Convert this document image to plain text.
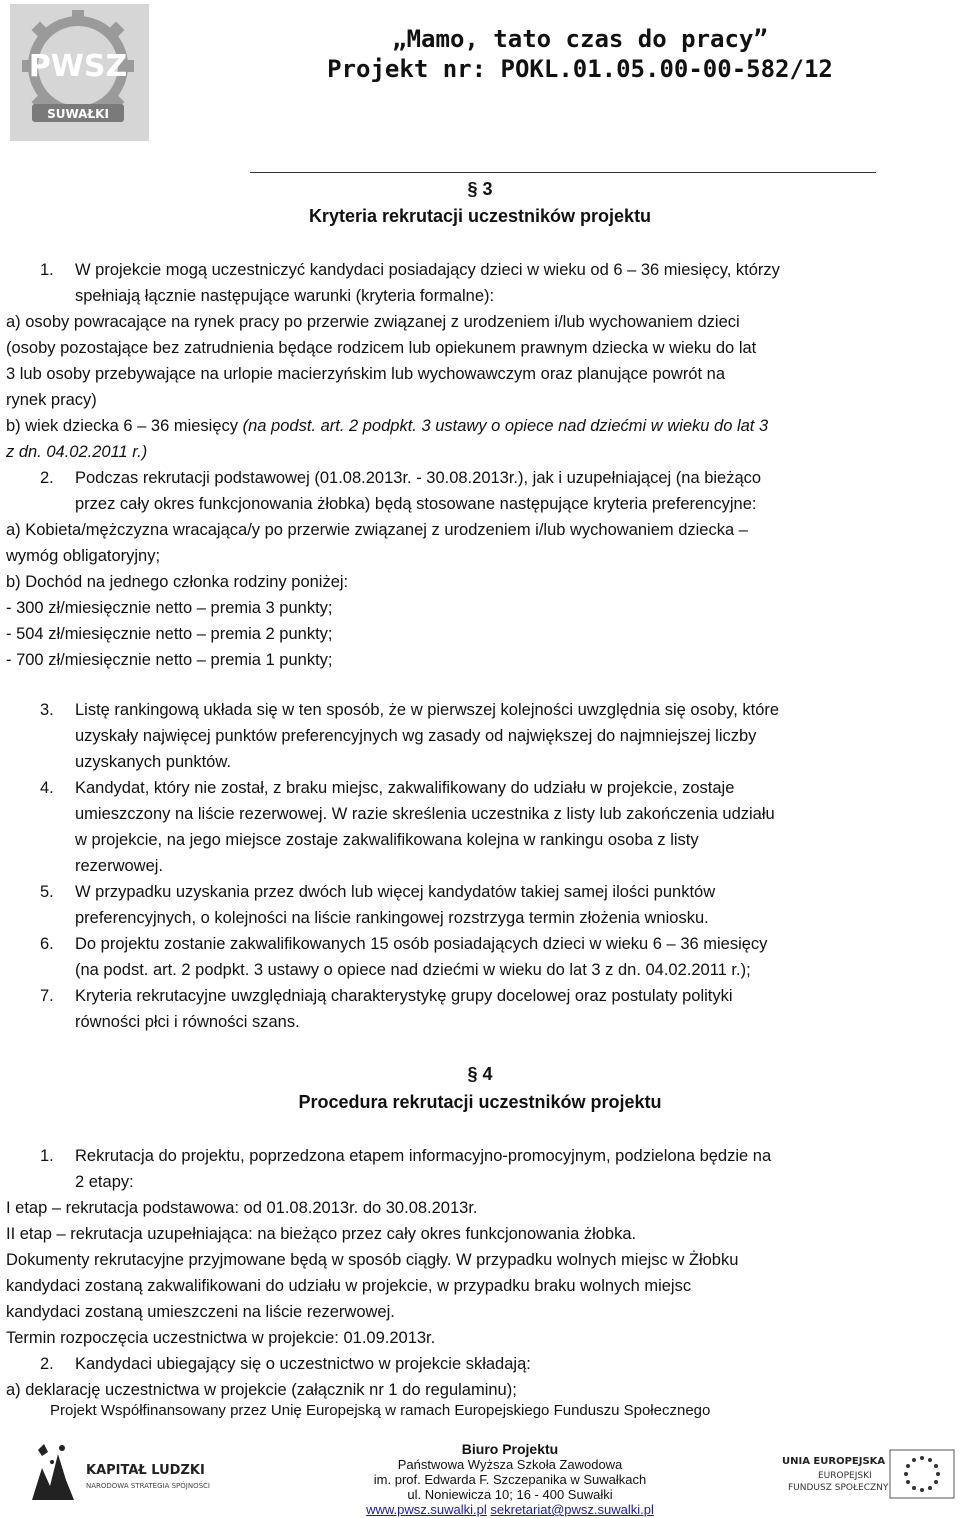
PWSZ
SUWAŁKI
„Mamo, tato czas do pracy”
Projekt nr: POKL.01.05.00-00-582/12
§ 3
Kryteria rekrutacji uczestników projektu
1. W projekcie mogą uczestniczyć kandydaci posiadający dzieci w wieku od 6 – 36 miesięcy, którzy
spełniają łącznie następujące warunki (kryteria formalne):
a) osoby powracające na rynek pracy po przerwie związanej z urodzeniem i/lub wychowaniem dzieci
(osoby pozostające bez zatrudnienia będące rodzicem lub opiekunem prawnym dziecka w wieku do lat
3 lub osoby przebywające na urlopie macierzyńskim lub wychowawczym oraz planujące powrót na
rynek pracy)
b) wiek dziecka 6 – 36 miesięcy (na podst. art. 2 podpkt. 3 ustawy o opiece nad dziećmi w wieku do lat 3
z dn. 04.02.2011 r.)
2. Podczas rekrutacji podstawowej (01.08.2013r. - 30.08.2013r.), jak i uzupełniającej (na bieżąco
przez cały okres funkcjonowania żłobka) będą stosowane następujące kryteria preferencyjne:
a) Kobieta/mężczyzna wracająca/y po przerwie związanej z urodzeniem i/lub wychowaniem dziecka –
wymóg obligatoryjny;
b) Dochód na jednego członka rodziny poniżej:
- 300 zł/miesięcznie netto – premia 3 punkty;
- 504 zł/miesięcznie netto – premia 2 punkty;
- 700 zł/miesięcznie netto – premia 1 punkty;
3. Listę rankingową układa się w ten sposób, że w pierwszej kolejności uwzględnia się osoby, które
uzyskały najwięcej punktów preferencyjnych wg zasady od największej do najmniejszej liczby
uzyskanych punktów.
4. Kandydat, który nie został, z braku miejsc, zakwalifikowany do udziału w projekcie, zostaje
umieszczony na liście rezerwowej. W razie skreślenia uczestnika z listy lub zakończenia udziału
w projekcie, na jego miejsce zostaje zakwalifikowana kolejna w rankingu osoba z listy
rezerwowej.
5. W przypadku uzyskania przez dwóch lub więcej kandydatów takiej samej ilości punktów
preferencyjnych, o kolejności na liście rankingowej rozstrzyga termin złożenia wniosku.
6. Do projektu zostanie zakwalifikowanych 15 osób posiadających dzieci w wieku 6 – 36 miesięcy
(na podst. art. 2 podpkt. 3 ustawy o opiece nad dziećmi w wieku do lat 3 z dn. 04.02.2011 r.);
7. Kryteria rekrutacyjne uwzględniają charakterystykę grupy docelowej oraz postulaty polityki
równości płci i równości szans.
§ 4
Procedura rekrutacji uczestników projektu
1. Rekrutacja do projektu, poprzedzona etapem informacyjno-promocyjnym, podzielona będzie na
2 etapy:
I etap – rekrutacja podstawowa: od 01.08.2013r. do 30.08.2013r.
II etap – rekrutacja uzupełniająca: na bieżąco przez cały okres funkcjonowania żłobka.
Dokumenty rekrutacyjne przyjmowane będą w sposób ciągły. W przypadku wolnych miejsc w Żłobku
kandydaci zostaną zakwalifikowani do udziału w projekcie, w przypadku braku wolnych miejsc
kandydaci zostaną umieszczeni na liście rezerwowej.
Termin rozpoczęcia uczestnictwa w projekcie: 01.09.2013r.
2. Kandydaci ubiegający się o uczestnictwo w projekcie składają:
a) deklarację uczestnictwa w projekcie (załącznik nr 1 do regulaminu);
Projekt Współfinansowany przez Unię Europejską w ramach Europejskiego Funduszu Społecznego
KAPITAŁ LUDZKI
NARODOWA STRATEGIA SPÓJNOŚCI
Biuro Projektu
Państwowa Wyższa Szkoła Zawodowa
im. prof. Edwarda F. Szczepanika w Suwałkach
ul. Noniewicza 10; 16 - 400 Suwałki
www.pwsz.suwalki.pl sekretariat@pwsz.suwalki.pl
UNIA EUROPEJSKA
EUROPEJSKI
FUNDUSZ SPOŁECZNY
